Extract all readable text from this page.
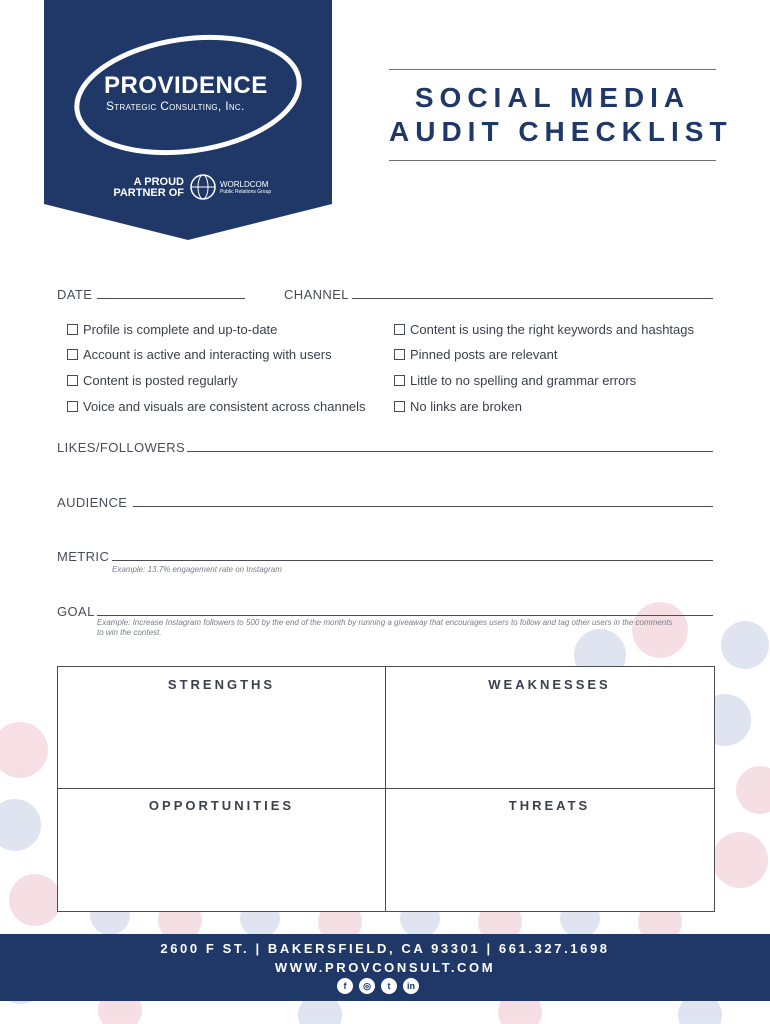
PROVIDENCE
Strategic Consulting, Inc.
A PROUD
PARTNER OF
WORLDCOM
Public Relations Group
SOCIAL MEDIA
AUDIT CHECKLIST
DATE	CHANNEL
Profile is complete and up-to-date
Account is active and interacting with users
Content is posted regularly
Voice and visuals are consistent across channels
Content is using the right keywords and hashtags
Pinned posts are relevant
Little to no spelling and grammar errors
No links are broken
LIKES/FOLLOWERS
AUDIENCE
METRIC
Example: 13.7% engagement rate on Instagram
GOAL
Example: Increase Instagram followers to 500 by the end of the month by running a giveaway that encourages users to follow and tag other users in the comments
to win the contest.
STRENGTHS	WEAKNESSES
OPPORTUNITIES	THREATS
2600 F ST. | BAKERSFIELD, CA 93301 | 661.327.1698
WWW.PROVCONSULT.COM
f	◎	t	in
